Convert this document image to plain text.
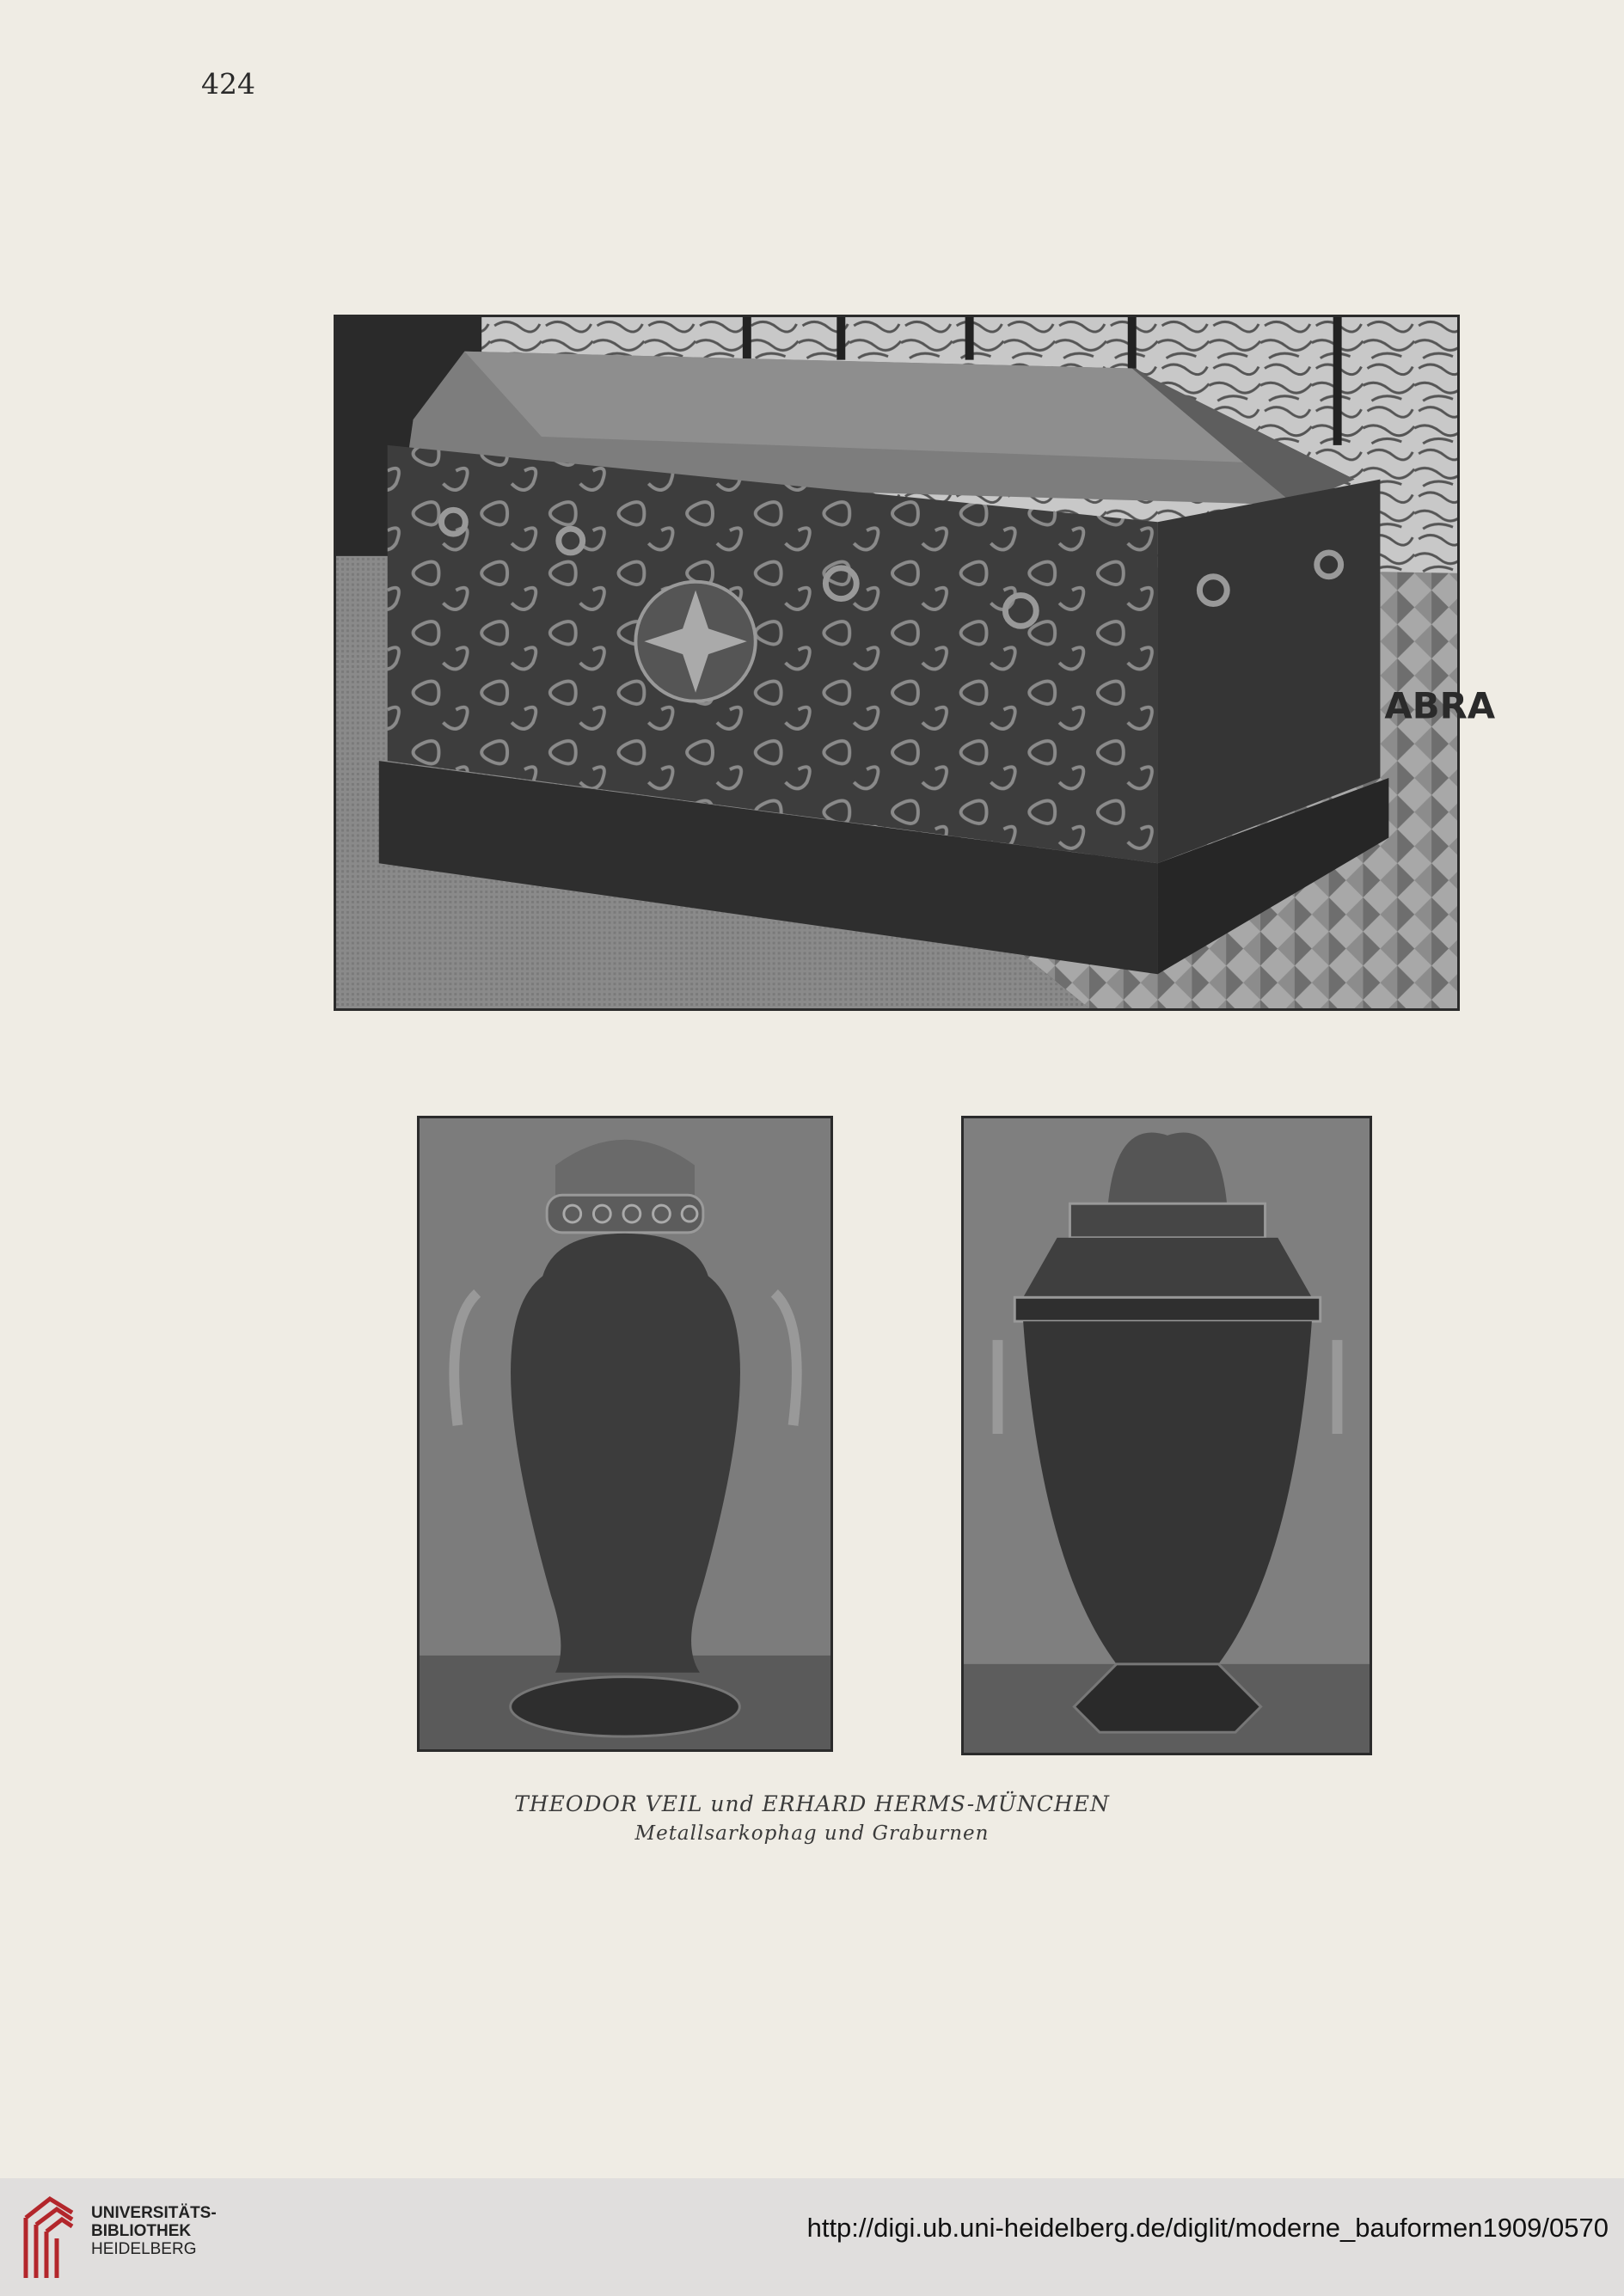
424
ABRA
THEODOR VEIL und ERHARD HERMS-MÜNCHEN
Metallsarkophag und Graburnen
UNIVERSITÄTS-
BIBLIOTHEK
HEIDELBERG
http://digi.ub.uni-heidelberg.de/diglit/moderne_bauformen1909/0570
